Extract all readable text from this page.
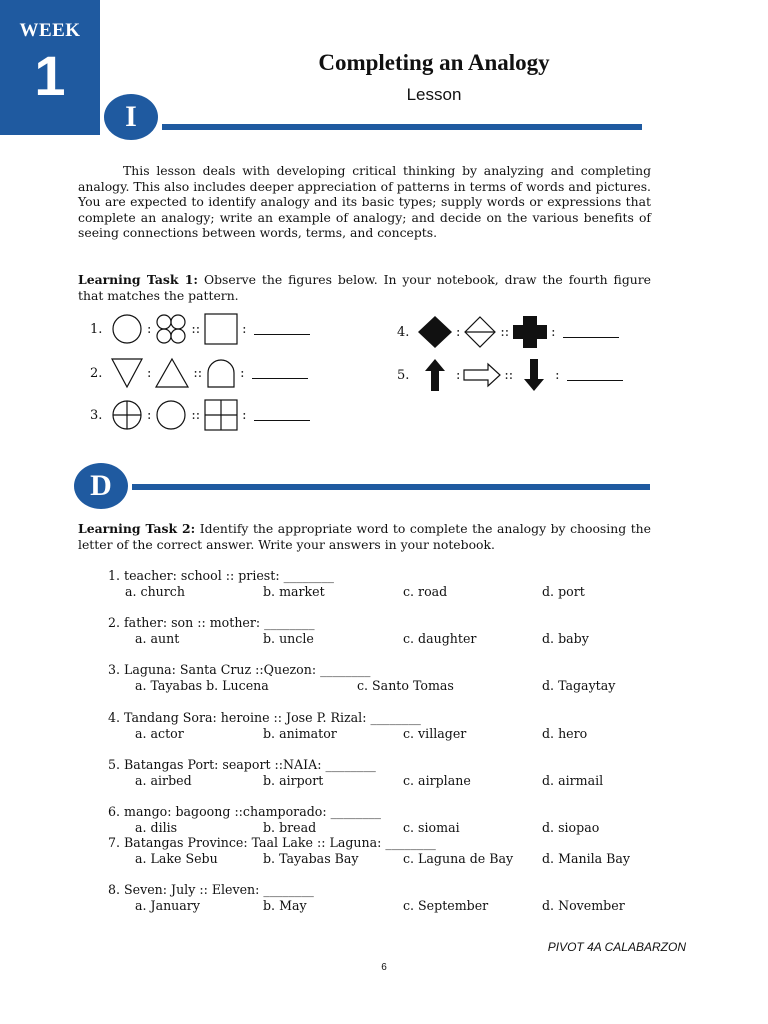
WEEK
1	Completing an Analogy
Lesson
I
This lesson deals with developing critical thinking by analyzing and completing analogy. This also includes deeper appreciation of patterns in terms of words and pictures. You are expected to identify analogy and its basic types; supply words or expressions that complete an analogy; write an example of analogy; and decide on the various benefits of seeing connections between words, terms, and concepts.
Learning Task 1: Observe the figures below. In your notebook, draw the fourth figure that matches the pattern.
1.	:	::	:
2.	:	::	:
3.	:	::	:
4.	:	::	:
5.	:	::	:
D
Learning Task 2: Identify the appropriate word to complete the analogy by choosing the letter of the correct answer. Write your answers in your notebook.
1. teacher: school :: priest: ________
a. church	b. market	c. road	d. port
2. father: son :: mother: ________
a. aunt	b. uncle	c. daughter	d. baby
3. Laguna: Santa Cruz ::Quezon: ________
a. Tayabas b. Lucena	c. Santo Tomas	d. Tagaytay
4. Tandang Sora: heroine :: Jose P. Rizal: ________
a. actor	b. animator	c. villager	d. hero
5. Batangas Port: seaport ::NAIA: ________
a. airbed	b. airport	c. airplane	d. airmail
6. mango: bagoong ::champorado: ________
a. dilis	b. bread	c. siomai	d. siopao
7. Batangas Province: Taal Lake :: Laguna: ________
a. Lake Sebu	b. Tayabas Bay	c. Laguna de Bay d. Manila Bay
8. Seven: July :: Eleven: ________
a. January	b. May	c. September	d. November
PIVOT 4A CALABARZON
6
